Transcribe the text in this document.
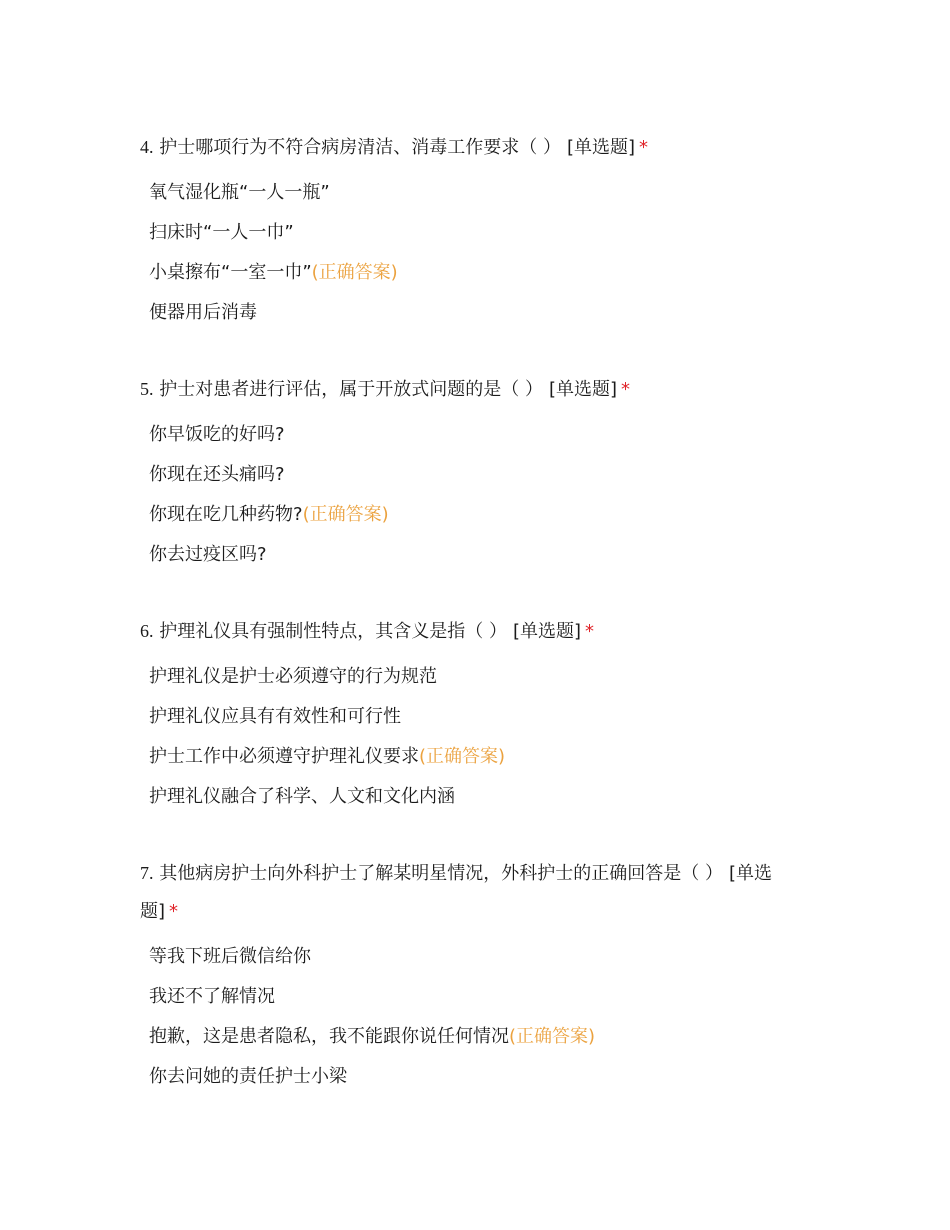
4. 护士哪项行为不符合病房清洁、消毒工作要求（ ） [单选题] *
氧气湿化瓶“一人一瓶”
扫床时“一人一巾”
小桌擦布“一室一巾”(正确答案)
便器用后消毒
5. 护士对患者进行评估，属于开放式问题的是（ ） [单选题] *
你早饭吃的好吗?
你现在还头痛吗?
你现在吃几种药物?(正确答案)
你去过疫区吗?
6. 护理礼仪具有强制性特点，其含义是指（ ） [单选题] *
护理礼仪是护士必须遵守的行为规范
护理礼仪应具有有效性和可行性
护士工作中必须遵守护理礼仪要求(正确答案)
护理礼仪融合了科学、人文和文化内涵
7. 其他病房护士向外科护士了解某明星情况，外科护士的正确回答是（ ） [单选题] *
等我下班后微信给你
我还不了解情况
抱歉，这是患者隐私，我不能跟你说任何情况(正确答案)
你去问她的责任护士小梁
